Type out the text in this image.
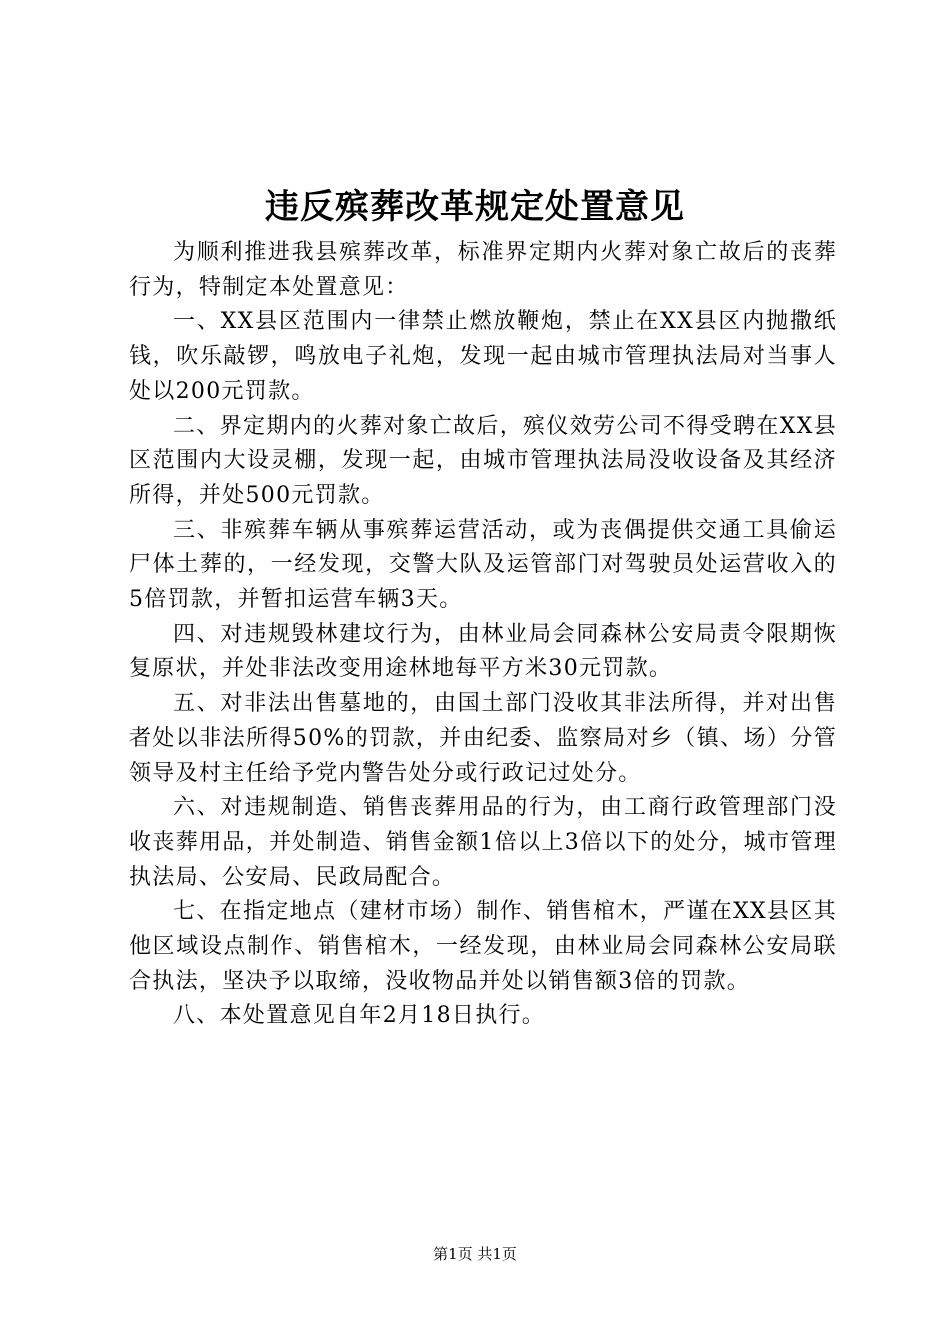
违反殡葬改革规定处置意见

为顺利推进我县殡葬改革，标准界定期内火葬对象亡故后的丧葬行为，特制定本处置意见：

一、XX县区范围内一律禁止燃放鞭炮，禁止在XX县区内抛撒纸钱，吹乐敲锣，鸣放电子礼炮，发现一起由城市管理执法局对当事人处以200元罚款。

二、界定期内的火葬对象亡故后，殡仪效劳公司不得受聘在XX县区范围内大设灵棚，发现一起，由城市管理执法局没收设备及其经济所得，并处500元罚款。

三、非殡葬车辆从事殡葬运营活动，或为丧偶提供交通工具偷运尸体土葬的，一经发现，交警大队及运管部门对驾驶员处运营收入的5倍罚款，并暂扣运营车辆3天。

四、对违规毁林建坟行为，由林业局会同森林公安局责令限期恢复原状，并处非法改变用途林地每平方米30元罚款。

五、对非法出售墓地的，由国土部门没收其非法所得，并对出售者处以非法所得50%的罚款，并由纪委、监察局对乡（镇、场）分管领导及村主任给予党内警告处分或行政记过处分。

六、对违规制造、销售丧葬用品的行为，由工商行政管理部门没收丧葬用品，并处制造、销售金额1倍以上3倍以下的处分，城市管理执法局、公安局、民政局配合。

七、在指定地点（建材市场）制作、销售棺木，严谨在XX县区其他区域设点制作、销售棺木，一经发现，由林业局会同森林公安局联合执法，坚决予以取缔，没收物品并处以销售额3倍的罚款。

八、本处置意见自年2月18日执行。

第1页 共1页
